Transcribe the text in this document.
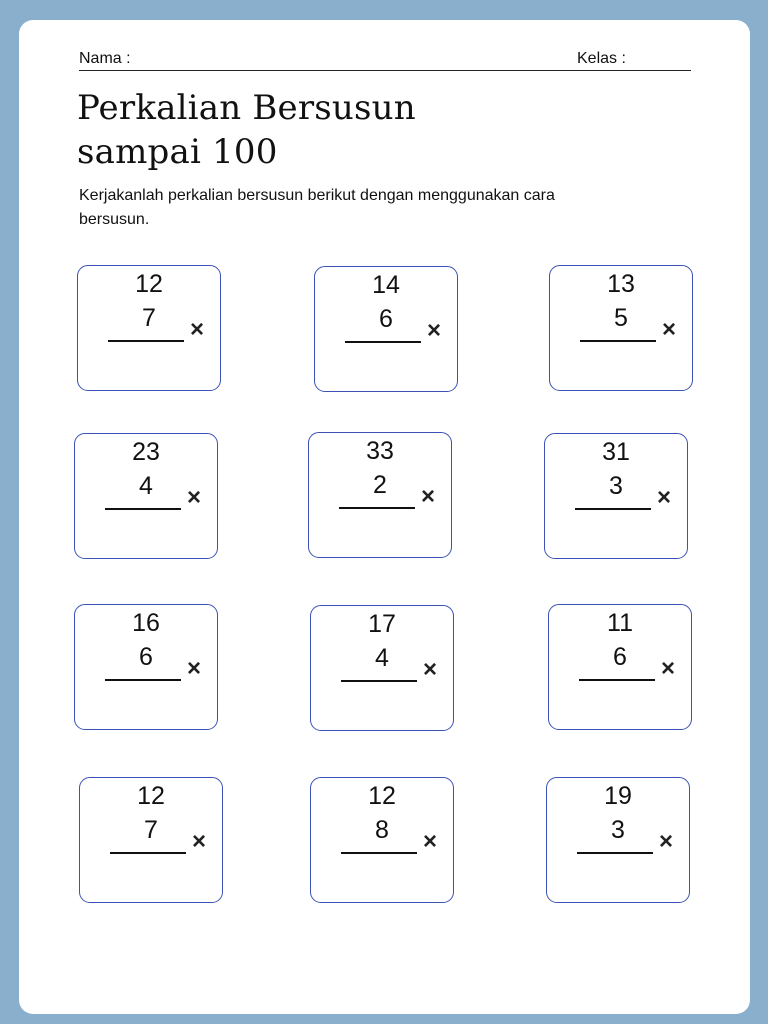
Nama :	Kelas :
Perkalian Bersusun
sampai 100

Kerjakanlah perkalian bersusun berikut dengan menggunakan cara bersusun.

12
7	×
14
6	×
13
5	×
23
4	×
33
2	×
31
3	×
16
6	×
17
4	×
11
6	×
12
7	×
12
8	×
19
3	×
